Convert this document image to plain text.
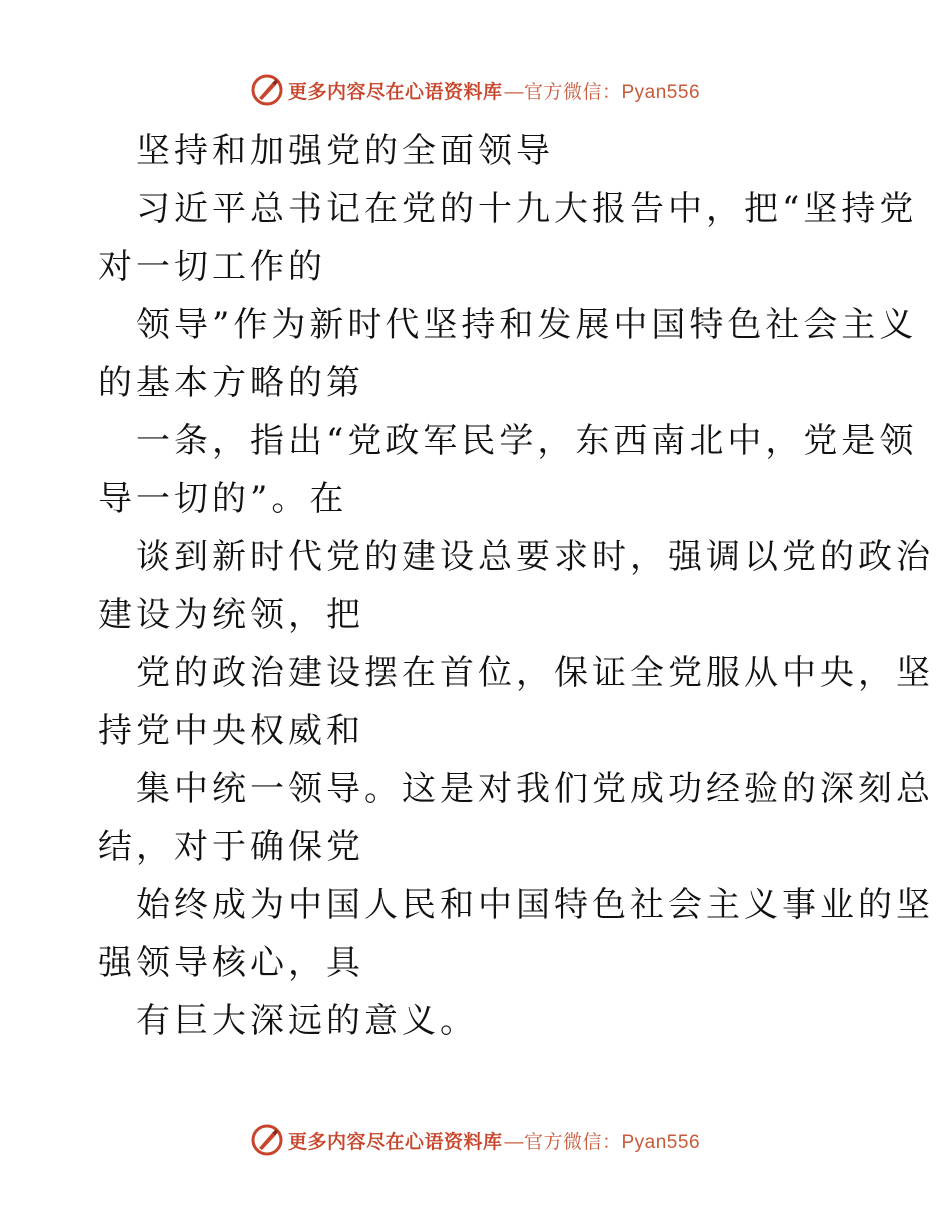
更多内容尽在心语资料库 —官方微信：Pyan556
坚持和加强党的全面领导
习近平总书记在党的十九大报告中，把“坚持党
对一切工作的
领导”作为新时代坚持和发展中国特色社会主义
的基本方略的第
一条，指出“党政军民学，东西南北中，党是领
导一切的”。在
谈到新时代党的建设总要求时，强调以党的政治
建设为统领，把
党的政治建设摆在首位，保证全党服从中央，坚
持党中央权威和
集中统一领导。这是对我们党成功经验的深刻总
结，对于确保党
始终成为中国人民和中国特色社会主义事业的坚
强领导核心，具
有巨大深远的意义。
更多内容尽在心语资料库 —官方微信：Pyan556
